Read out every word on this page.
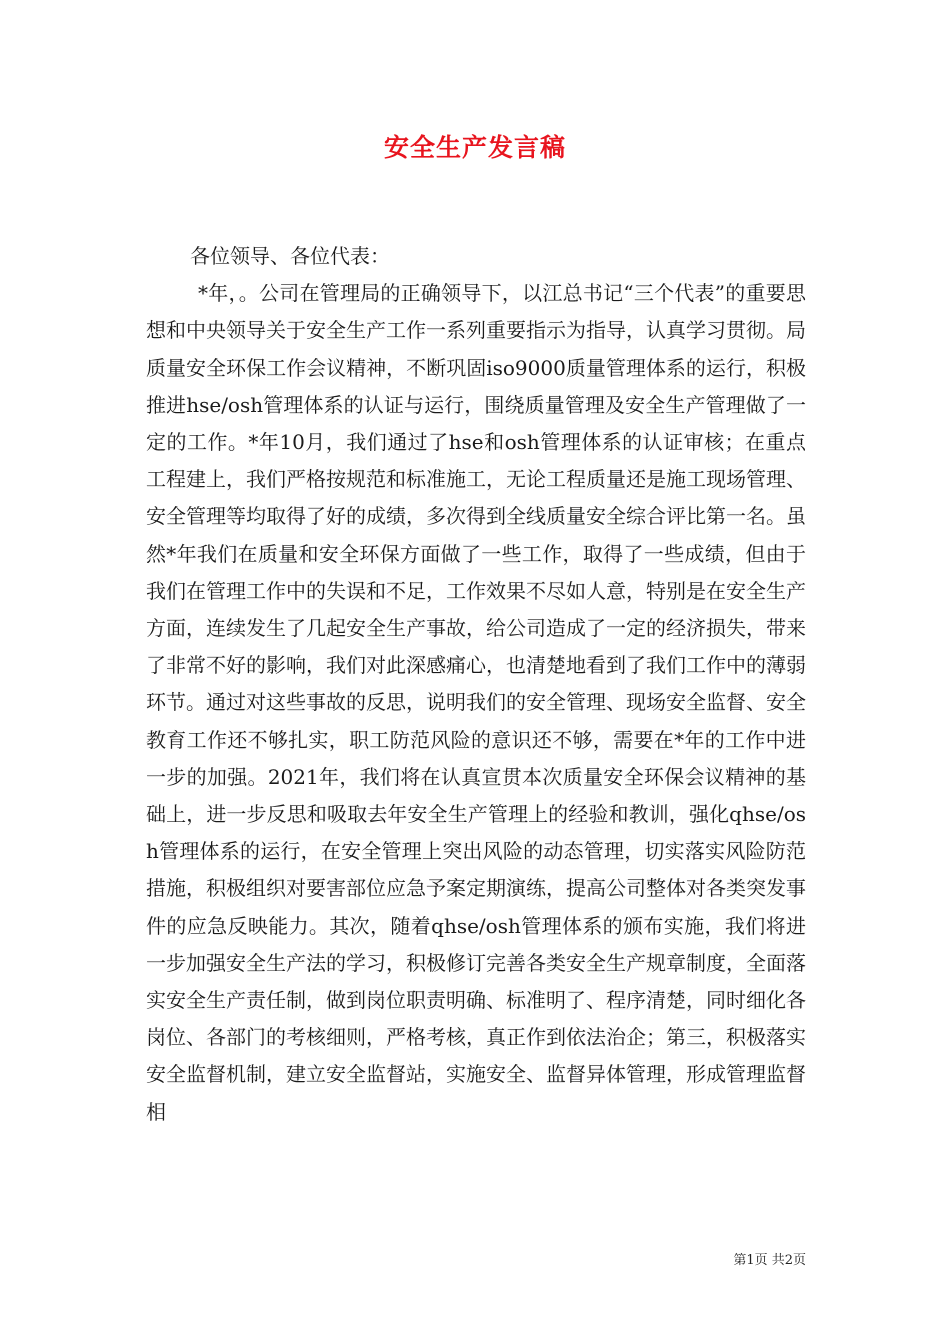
安全生产发言稿

各位领导、各位代表：

*年，。公司在管理局的正确领导下，以江总书记“三个代表”的重要思想和中央领导关于安全生产工作一系列重要指示为指导，认真学习贯彻。局质量安全环保工作会议精神，不断巩固iso9000质量管理体系的运行，积极推进hse/osh管理体系的认证与运行，围绕质量管理及安全生产管理做了一定的工作。*年10月，我们通过了hse和osh管理体系的认证审核；在重点工程建上，我们严格按规范和标准施工，无论工程质量还是施工现场管理、安全管理等均取得了好的成绩，多次得到全线质量安全综合评比第一名。虽然*年我们在质量和安全环保方面做了一些工作，取得了一些成绩，但由于我们在管理工作中的失误和不足，工作效果不尽如人意，特别是在安全生产方面，连续发生了几起安全生产事故，给公司造成了一定的经济损失，带来了非常不好的影响，我们对此深感痛心，也清楚地看到了我们工作中的薄弱环节。通过对这些事故的反思，说明我们的安全管理、现场安全监督、安全教育工作还不够扎实，职工防范风险的意识还不够，需要在*年的工作中进一步的加强。2021年，我们将在认真宣贯本次质量安全环保会议精神的基础上，进一步反思和吸取去年安全生产管理上的经验和教训，强化qhse/osh管理体系的运行，在安全管理上突出风险的动态管理，切实落实风险防范措施，积极组织对要害部位应急予案定期演练，提高公司整体对各类突发事件的应急反映能力。其次，随着qhse/osh管理体系的颁布实施，我们将进一步加强安全生产法的学习，积极修订完善各类安全生产规章制度，全面落实安全生产责任制，做到岗位职责明确、标准明了、程序清楚，同时细化各岗位、各部门的考核细则，严格考核，真正作到依法治企；第三，积极落实安全监督机制，建立安全监督站，实施安全、监督异体管理，形成管理监督相

第1页 共2页
